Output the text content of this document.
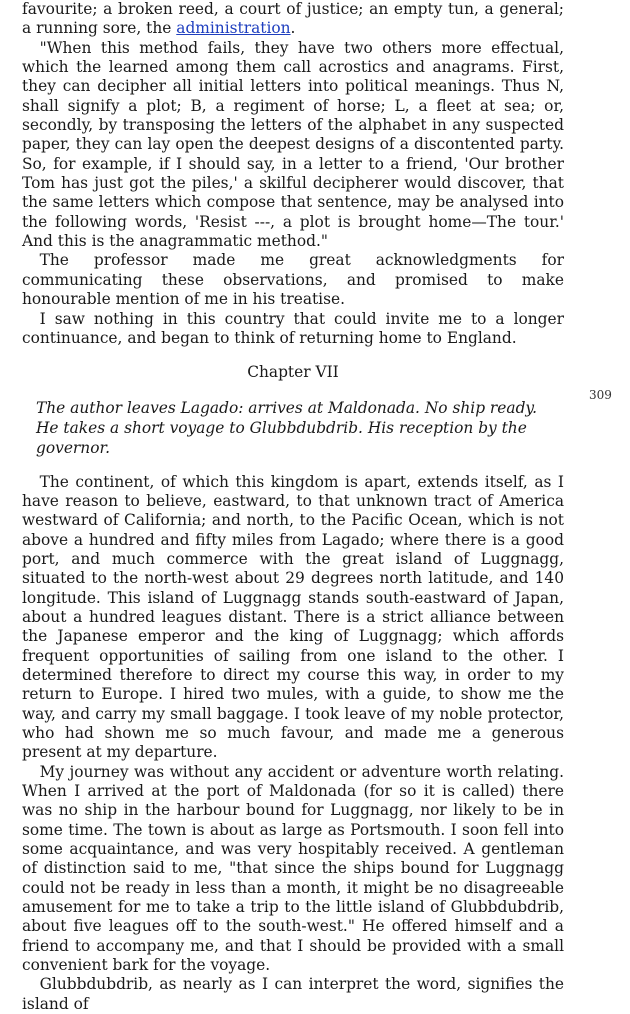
favourite; a broken reed, a court of justice; an empty tun, a general; a running sore, the administration.

"When this method fails, they have two others more effectual, which the learned among them call acrostics and anagrams. First, they can decipher all initial letters into political meanings. Thus N, shall signify a plot; B, a regiment of horse; L, a fleet at sea; or, secondly, by transposing the letters of the alphabet in any suspected paper, they can lay open the deepest designs of a discontented party. So, for example, if I should say, in a letter to a friend, 'Our brother Tom has just got the piles,' a skilful decipherer would discover, that the same letters which compose that sentence, may be analysed into the following words, 'Resist ---, a plot is brought home—The tour.' And this is the anagrammatic method."

The professor made me great acknowledgments for communicating these observations, and promised to make honourable mention of me in his treatise.

I saw nothing in this country that could invite me to a longer continuance, and began to think of returning home to England.

Chapter VII
The author leaves Lagado: arrives at Maldonada. No ship ready. He takes a short voyage to Glubbdubdrib. His reception by the governor.

The continent, of which this kingdom is apart, extends itself, as I have reason to believe, eastward, to that unknown tract of America westward of California; and north, to the Pacific Ocean, which is not above a hundred and fifty miles from Lagado; where there is a good port, and much commerce with the great island of Luggnagg, situated to the north-west about 29 degrees north latitude, and 140 longitude. This island of Luggnagg stands south-eastward of Japan, about a hundred leagues distant. There is a strict alliance between the Japanese emperor and the king of Luggnagg; which affords frequent opportunities of sailing from one island to the other. I determined therefore to direct my course this way, in order to my return to Europe. I hired two mules, with a guide, to show me the way, and carry my small baggage. I took leave of my noble protector, who had shown me so much favour, and made me a generous present at my departure.

My journey was without any accident or adventure worth relating. When I arrived at the port of Maldonada (for so it is called) there was no ship in the harbour bound for Luggnagg, nor likely to be in some time. The town is about as large as Portsmouth. I soon fell into some acquaintance, and was very hospitably received. A gentleman of distinction said to me, "that since the ships bound for Luggnagg could not be ready in less than a month, it might be no disagreeable amusement for me to take a trip to the little island of Glubbdubdrib, about five leagues off to the south-west." He offered himself and a friend to accompany me, and that I should be provided with a small convenient bark for the voyage.

Glubbdubdrib, as nearly as I can interpret the word, signifies the island of

309
